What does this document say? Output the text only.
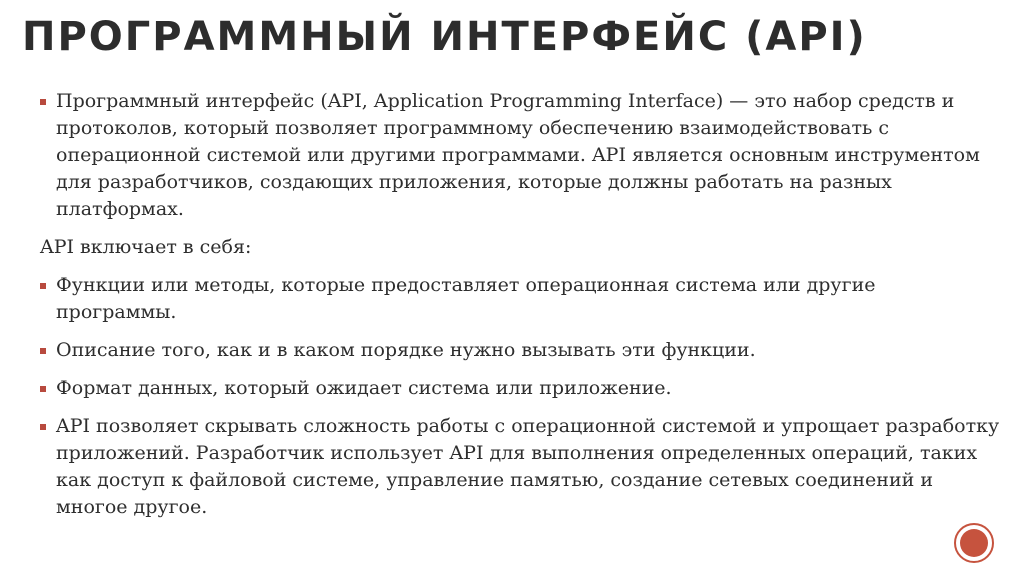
ПРОГРАММНЫЙ ИНТЕРФЕЙС (API)
Программный интерфейс (API, Application Programming Interface) — это набор средств и протоколов, который позволяет программному обеспечению взаимодействовать с операционной системой или другими программами. API является основным инструментом для разработчиков, создающих приложения, которые должны работать на разных платформах.
API включает в себя:
Функции или методы, которые предоставляет операционная система или другие программы.
Описание того, как и в каком порядке нужно вызывать эти функции.
Формат данных, который ожидает система или приложение.
API позволяет скрывать сложность работы с операционной системой и упрощает разработку приложений. Разработчик использует API для выполнения определенных операций, таких как доступ к файловой системе, управление памятью, создание сетевых соединений и многое другое.
